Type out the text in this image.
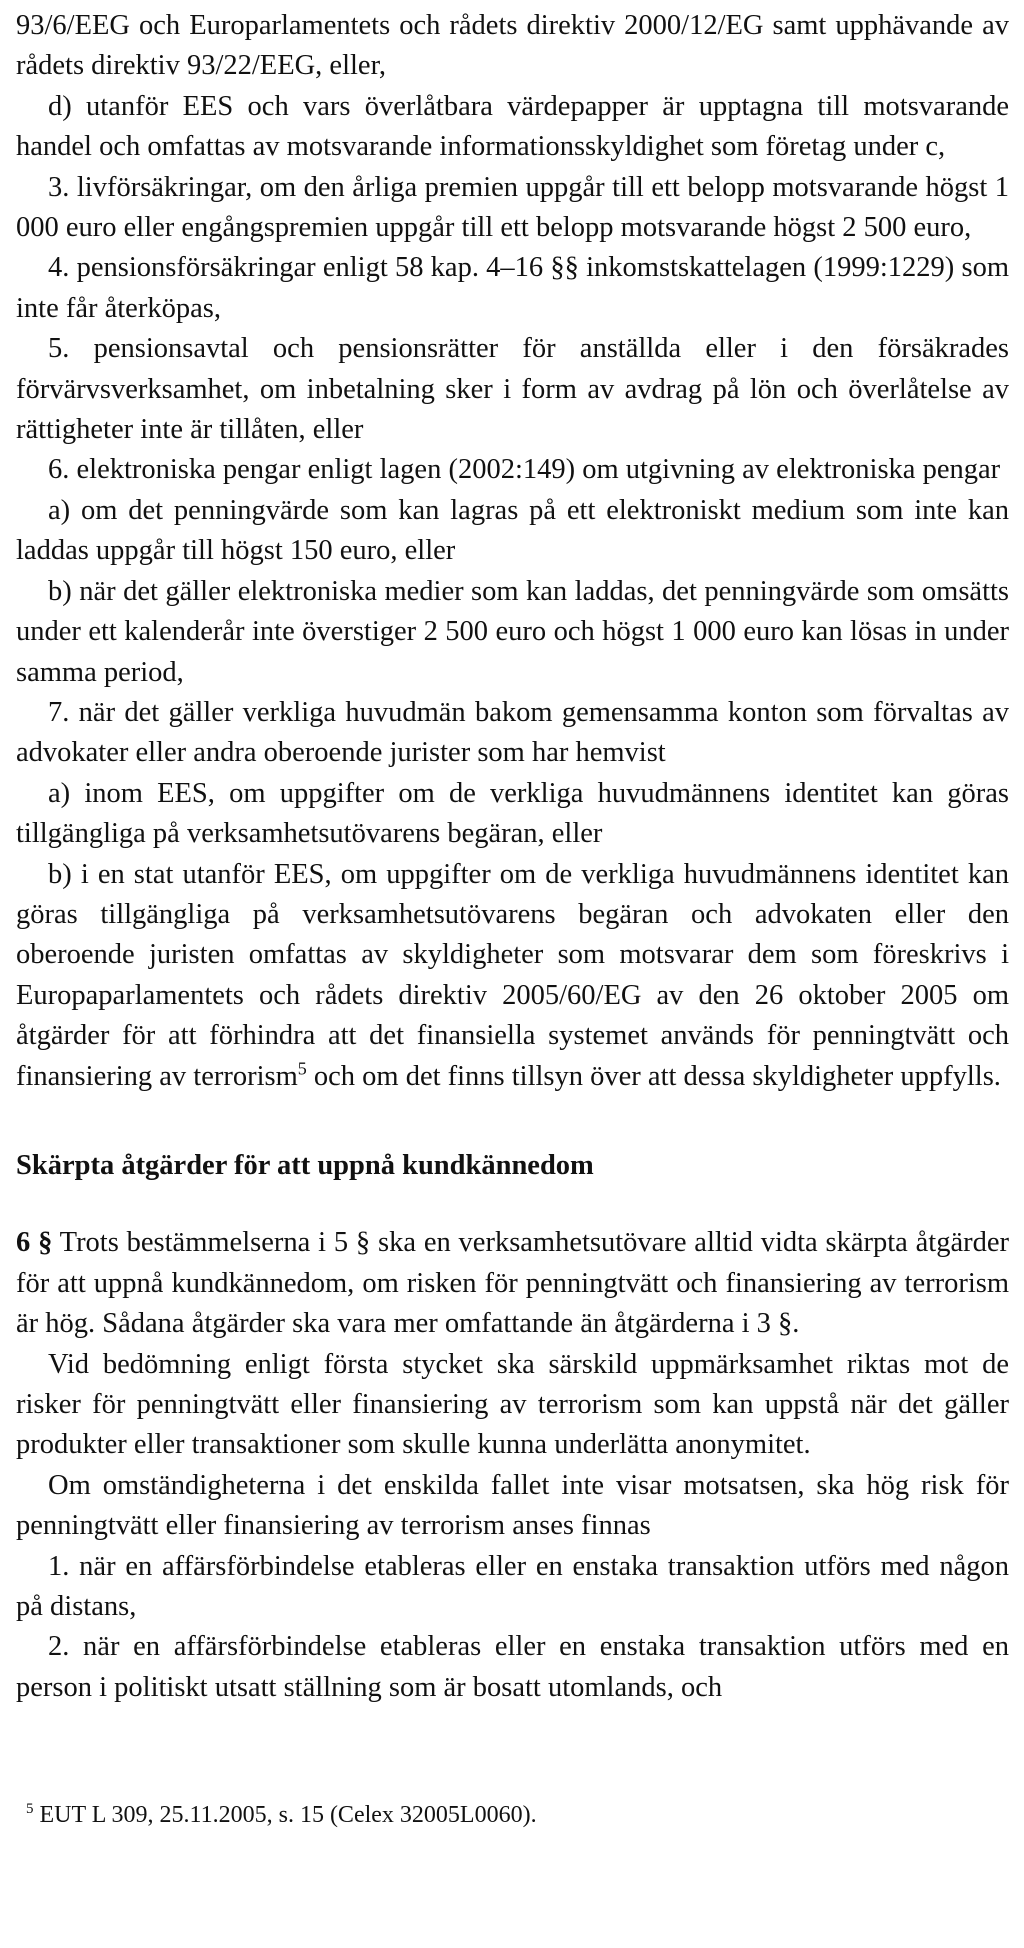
93/6/EEG och Europarlamentets och rådets direktiv 2000/12/EG samt upphävande av rådets direktiv 93/22/EEG, eller,

d) utanför EES och vars överlåtbara värdepapper är upptagna till motsvarande handel och omfattas av motsvarande informationsskyldighet som företag under c,

3. livförsäkringar, om den årliga premien uppgår till ett belopp motsvarande högst 1 000 euro eller engångspremien uppgår till ett belopp motsvarande högst 2 500 euro,

4. pensionsförsäkringar enligt 58 kap. 4–16 §§ inkomstskattelagen (1999:1229) som inte får återköpas,

5. pensionsavtal och pensionsrätter för anställda eller i den försäkrades förvärvsverksamhet, om inbetalning sker i form av avdrag på lön och överlåtelse av rättigheter inte är tillåten, eller

6. elektroniska pengar enligt lagen (2002:149) om utgivning av elektroniska pengar

a) om det penningvärde som kan lagras på ett elektroniskt medium som inte kan laddas uppgår till högst 150 euro, eller

b) när det gäller elektroniska medier som kan laddas, det penningvärde som omsätts under ett kalenderår inte överstiger 2 500 euro och högst 1 000 euro kan lösas in under samma period,

7. när det gäller verkliga huvudmän bakom gemensamma konton som förvaltas av advokater eller andra oberoende jurister som har hemvist

a) inom EES, om uppgifter om de verkliga huvudmännens identitet kan göras tillgängliga på verksamhetsutövarens begäran, eller

b) i en stat utanför EES, om uppgifter om de verkliga huvudmännens identitet kan göras tillgängliga på verksamhetsutövarens begäran och advokaten eller den oberoende juristen omfattas av skyldigheter som motsvarar dem som föreskrivs i Europaparlamentets och rådets direktiv 2005/60/EG av den 26 oktober 2005 om åtgärder för att förhindra att det finansiella systemet används för penningtvätt och finansiering av terrorism$^5$ och om det finns tillsyn över att dessa skyldigheter uppfylls.

Skärpta åtgärder för att uppnå kundkännedom

6 § Trots bestämmelserna i 5 § ska en verksamhetsutövare alltid vidta skärpta åtgärder för att uppnå kundkännedom, om risken för penningtvätt och finansiering av terrorism är hög. Sådana åtgärder ska vara mer omfattande än åtgärderna i 3 §.

Vid bedömning enligt första stycket ska särskild uppmärksamhet riktas mot de risker för penningtvätt eller finansiering av terrorism som kan uppstå när det gäller produkter eller transaktioner som skulle kunna underlätta anonymitet.

Om omständigheterna i det enskilda fallet inte visar motsatsen, ska hög risk för penningtvätt eller finansiering av terrorism anses finnas

1. när en affärsförbindelse etableras eller en enstaka transaktion utförs med någon på distans,

2. när en affärsförbindelse etableras eller en enstaka transaktion utförs med en person i politiskt utsatt ställning som är bosatt utomlands, och

$^5$ EUT L 309, 25.11.2005, s. 15 (Celex 32005L0060).
